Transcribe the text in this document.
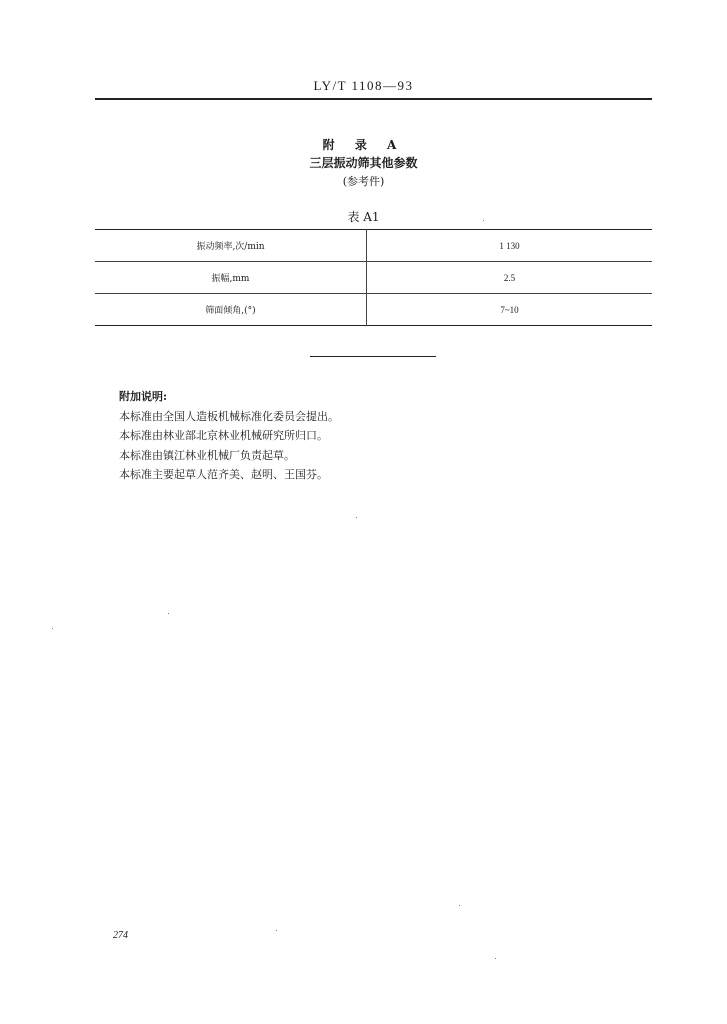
LY/T 1108—93
附 录 A
三层振动筛其他参数
(参考件)
表 A1
振动频率,次/min	1 130
振幅,mm	2.5
筛面倾角,(°)	7~10
附加说明:
本标准由全国人造板机械标准化委员会提出。
本标准由林业部北京林业机械研究所归口。
本标准由镇江林业机械厂负责起草。
本标准主要起草人范齐美、赵明、王国芬。
274
